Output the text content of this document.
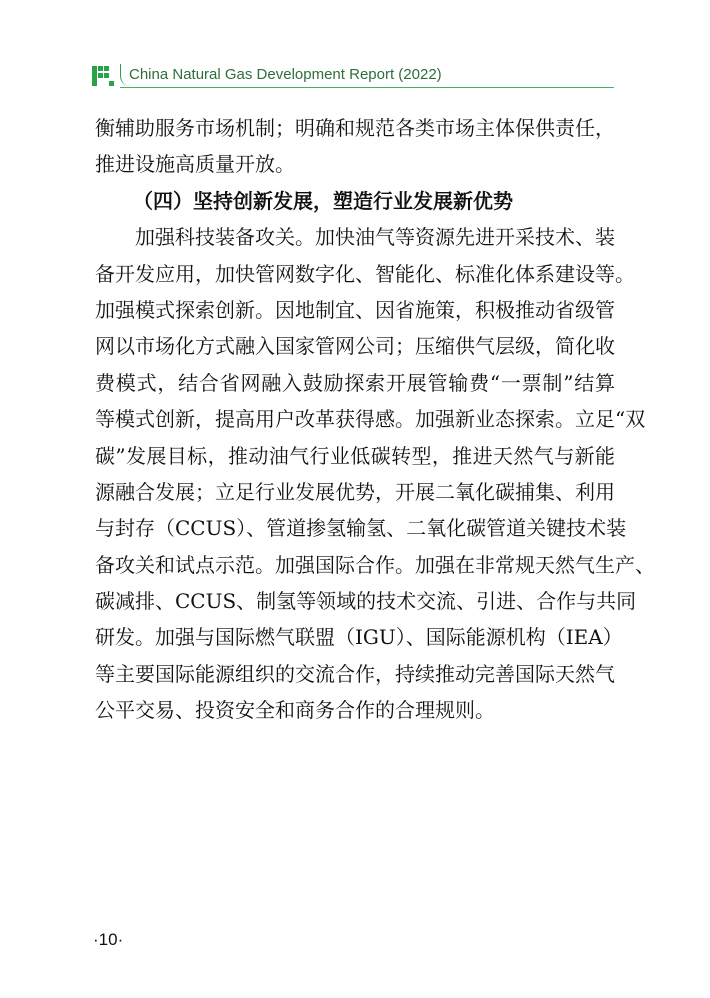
China Natural Gas Development Report (2022)
衡辅助服务市场机制；明确和规范各类市场主体保供责任，
推进设施高质量开放。
（四）坚持创新发展，塑造行业发展新优势
加强科技装备攻关。加快油气等资源先进开采技术、装
备开发应用，加快管网数字化、智能化、标准化体系建设等。
加强模式探索创新。因地制宜、因省施策，积极推动省级管
网以市场化方式融入国家管网公司；压缩供气层级，简化收
费模式，结合省网融入鼓励探索开展管输费“一票制”结算
等模式创新，提高用户改革获得感。加强新业态探索。立足“双
碳”发展目标，推动油气行业低碳转型，推进天然气与新能
源融合发展；立足行业发展优势，开展二氧化碳捕集、利用
与封存（CCUS）、管道掺氢输氢、二氧化碳管道关键技术装
备攻关和试点示范。加强国际合作。加强在非常规天然气生产、
碳减排、CCUS、制氢等领域的技术交流、引进、合作与共同
研发。加强与国际燃气联盟（IGU）、国际能源机构（IEA）
等主要国际能源组织的交流合作，持续推动完善国际天然气
公平交易、投资安全和商务合作的合理规则。
·10·
